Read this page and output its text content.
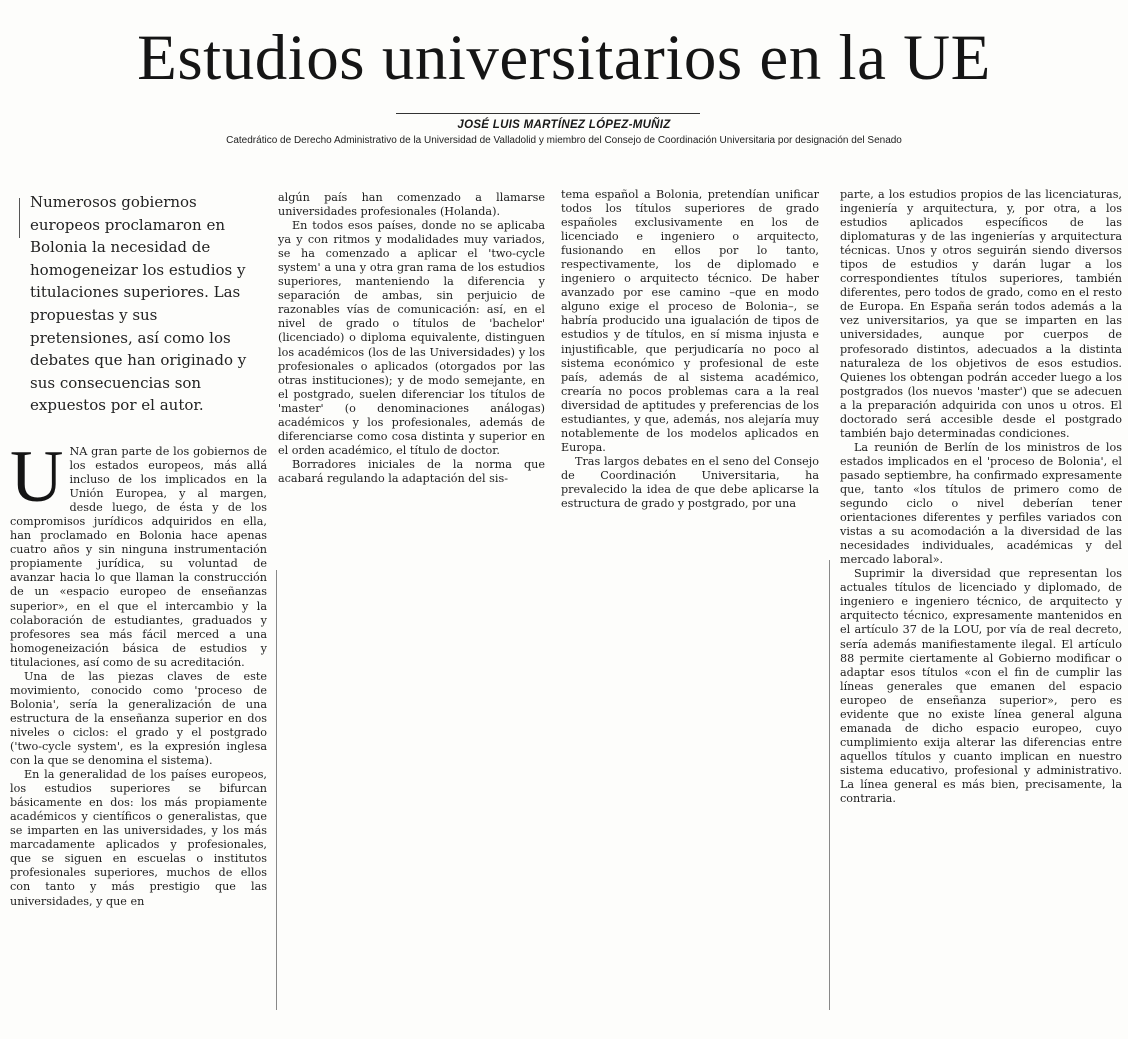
Estudios universitarios en la UE
JOSÉ LUIS MARTÍNEZ LÓPEZ-MUÑIZ
Catedrático de Derecho Administrativo de la Universidad de Valladolid y miembro del Consejo de Coordinación Universitaria por designación del Senado
Numerosos gobiernos europeos proclamaron en Bolonia la necesidad de homogeneizar los estudios y titulaciones superiores. Las propuestas y sus pretensiones, así como los debates que han originado y sus consecuencias son expuestos por el autor.
U NA gran parte de los gobiernos de los estados europeos, más allá incluso de los implicados en la Unión Europea, y al margen, desde luego, de ésta y de los compromisos jurídicos adquiridos en ella, han proclamado en Bolonia hace apenas cuatro años y sin ninguna instrumentación propiamente jurídica, su voluntad de avanzar hacia lo que llaman la construcción de un «espacio europeo de enseñanzas superior», en el que el intercambio y la colaboración de estudiantes, graduados y profesores sea más fácil merced a una homogeneización básica de estudios y titulaciones, así como de su acreditación.

Una de las piezas claves de este movimiento, conocido como 'proceso de Bolonia', sería la generalización de una estructura de la enseñanza superior en dos niveles o ciclos: el grado y el postgrado ('two-cycle system', es la expresión inglesa con la que se denomina el sistema).

En la generalidad de los países europeos, los estudios superiores se bifurcan básicamente en dos: los más propiamente académicos y científicos o generalistas, que se imparten en las universidades, y los más marcadamente aplicados y profesionales, que se siguen en escuelas o institutos profesionales superiores, muchos de ellos con tanto y más prestigio que las universidades, y que en

algún país han comenzado a llamarse universidades profesionales (Holanda).

En todos esos países, donde no se aplicaba ya y con ritmos y modalidades muy variados, se ha comenzado a aplicar el 'two-cycle system' a una y otra gran rama de los estudios superiores, manteniendo la diferencia y separación de ambas, sin perjuicio de razonables vías de comunicación: así, en el nivel de grado o títulos de 'bachelor' (licenciado) o diploma equivalente, distinguen los académicos (los de las Universidades) y los profesionales o aplicados (otorgados por las otras instituciones); y de modo semejante, en el postgrado, suelen diferenciar los títulos de 'master' (o denominaciones análogas) académicos y los profesionales, además de diferenciarse como cosa distinta y superior en el orden académico, el título de doctor.

Borradores iniciales de la norma que acabará regulando la adaptación del sis-

tema español a Bolonia, pretendían unificar todos los títulos superiores de grado españoles exclusivamente en los de licenciado e ingeniero o arquitecto, fusionando en ellos por lo tanto, respectivamente, los de diplomado e ingeniero o arquitecto técnico. De haber avanzado por ese camino –que en modo alguno exige el proceso de Bolonia–, se habría producido una igualación de tipos de estudios y de títulos, en sí misma injusta e injustificable, que perjudicaría no poco al sistema económico y profesional de este país, además de al sistema académico, crearía no pocos problemas cara a la real diversidad de aptitudes y preferencias de los estudiantes, y que, además, nos alejaría muy notablemente de los modelos aplicados en Europa.

Tras largos debates en el seno del Consejo de Coordinación Universitaria, ha prevalecido la idea de que debe aplicarse la estructura de grado y postgrado, por una

parte, a los estudios propios de las licenciaturas, ingeniería y arquitectura, y, por otra, a los estudios aplicados específicos de las diplomaturas y de las ingenierías y arquitectura técnicas. Unos y otros seguirán siendo diversos tipos de estudios y darán lugar a los correspondientes títulos superiores, también diferentes, pero todos de grado, como en el resto de Europa. En España serán todos además a la vez universitarios, ya que se imparten en las universidades, aunque por cuerpos de profesorado distintos, adecuados a la distinta naturaleza de los objetivos de esos estudios. Quienes los obtengan podrán acceder luego a los postgrados (los nuevos 'master') que se adecuen a la preparación adquirida con unos u otros. El doctorado será accesible desde el postgrado también bajo determinadas condiciones.

La reunión de Berlín de los ministros de los estados implicados en el 'proceso de Bolonia', el pasado septiembre, ha confirmado expresamente que, tanto «los títulos de primero como de segundo ciclo o nivel deberían tener orientaciones diferentes y perfiles variados con vistas a su acomodación a la diversidad de las necesidades individuales, académicas y del mercado laboral».

Suprimir la diversidad que representan los actuales títulos de licenciado y diplomado, de ingeniero e ingeniero técnico, de arquitecto y arquitecto técnico, expresamente mantenidos en el artículo 37 de la LOU, por vía de real decreto, sería además manifiestamente ilegal. El artículo 88 permite ciertamente al Gobierno modificar o adaptar esos títulos «con el fin de cumplir las líneas generales que emanen del espacio europeo de enseñanza superior», pero es evidente que no existe línea general alguna emanada de dicho espacio europeo, cuyo cumplimiento exija alterar las diferencias entre aquellos títulos y cuanto implican en nuestro sistema educativo, profesional y administrativo. La línea general es más bien, precisamente, la contraria.
